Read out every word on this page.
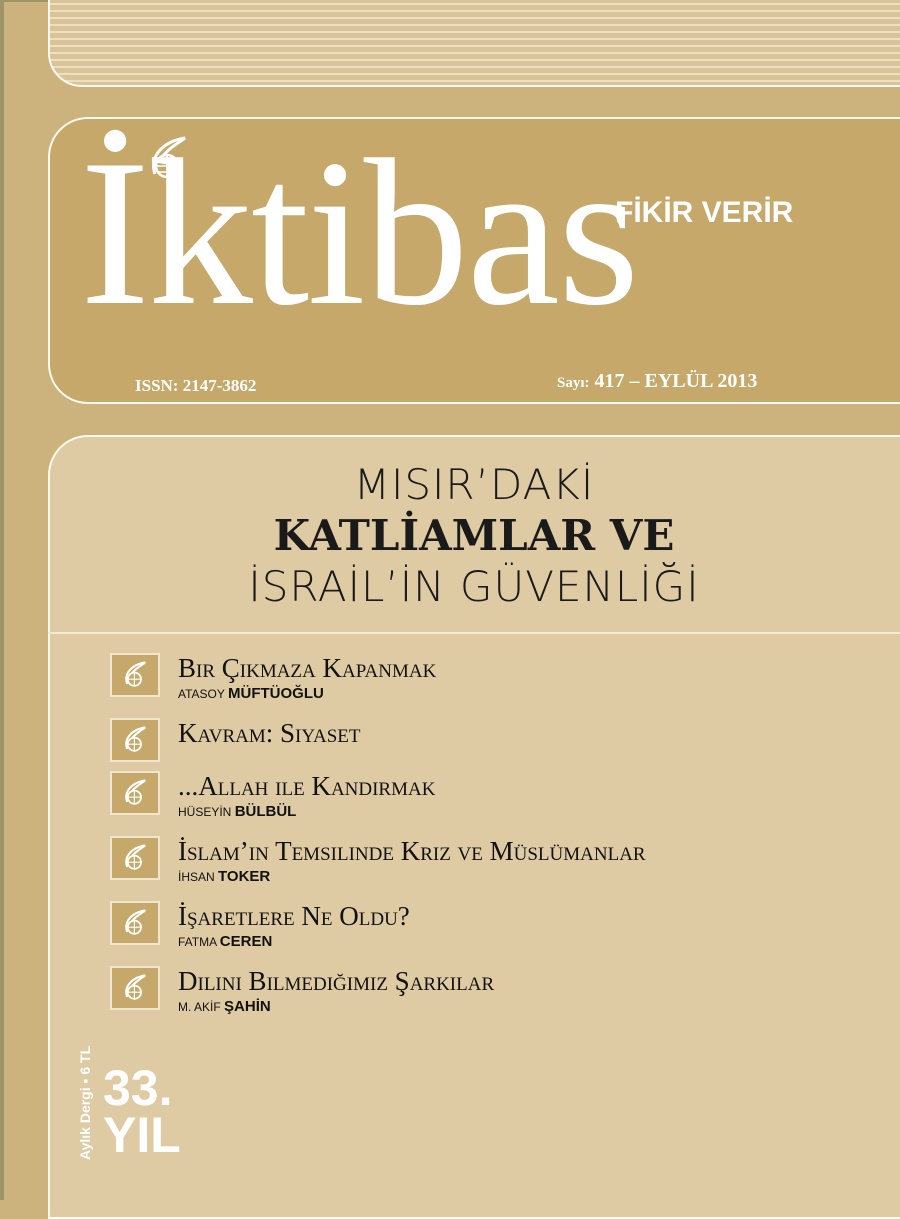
İktibas
FİKİR VERİR
ISSN: 2147-3862	Sayı: 417 – EYLÜL 2013
MISIR’DAKİ
KATLİAMLAR VE
İSRAİL’İN GÜVENLİĞİ
Bir Çıkmaza Kapanmak
ATASOY MÜFTÜOĞLU
Kavram: Siyaset
...Allah ile Kandırmak
HÜSEYİN BÜLBÜL
İslam’ın Temsilinde Kriz ve Müslümanlar
İHSAN TOKER
İşaretlere Ne Oldu?
FATMA CEREN
Dilini Bilmediğimiz Şarkılar
M. AKİF ŞAHİN
Aylık Dergi ▪ 6 TL 33.
YIL
